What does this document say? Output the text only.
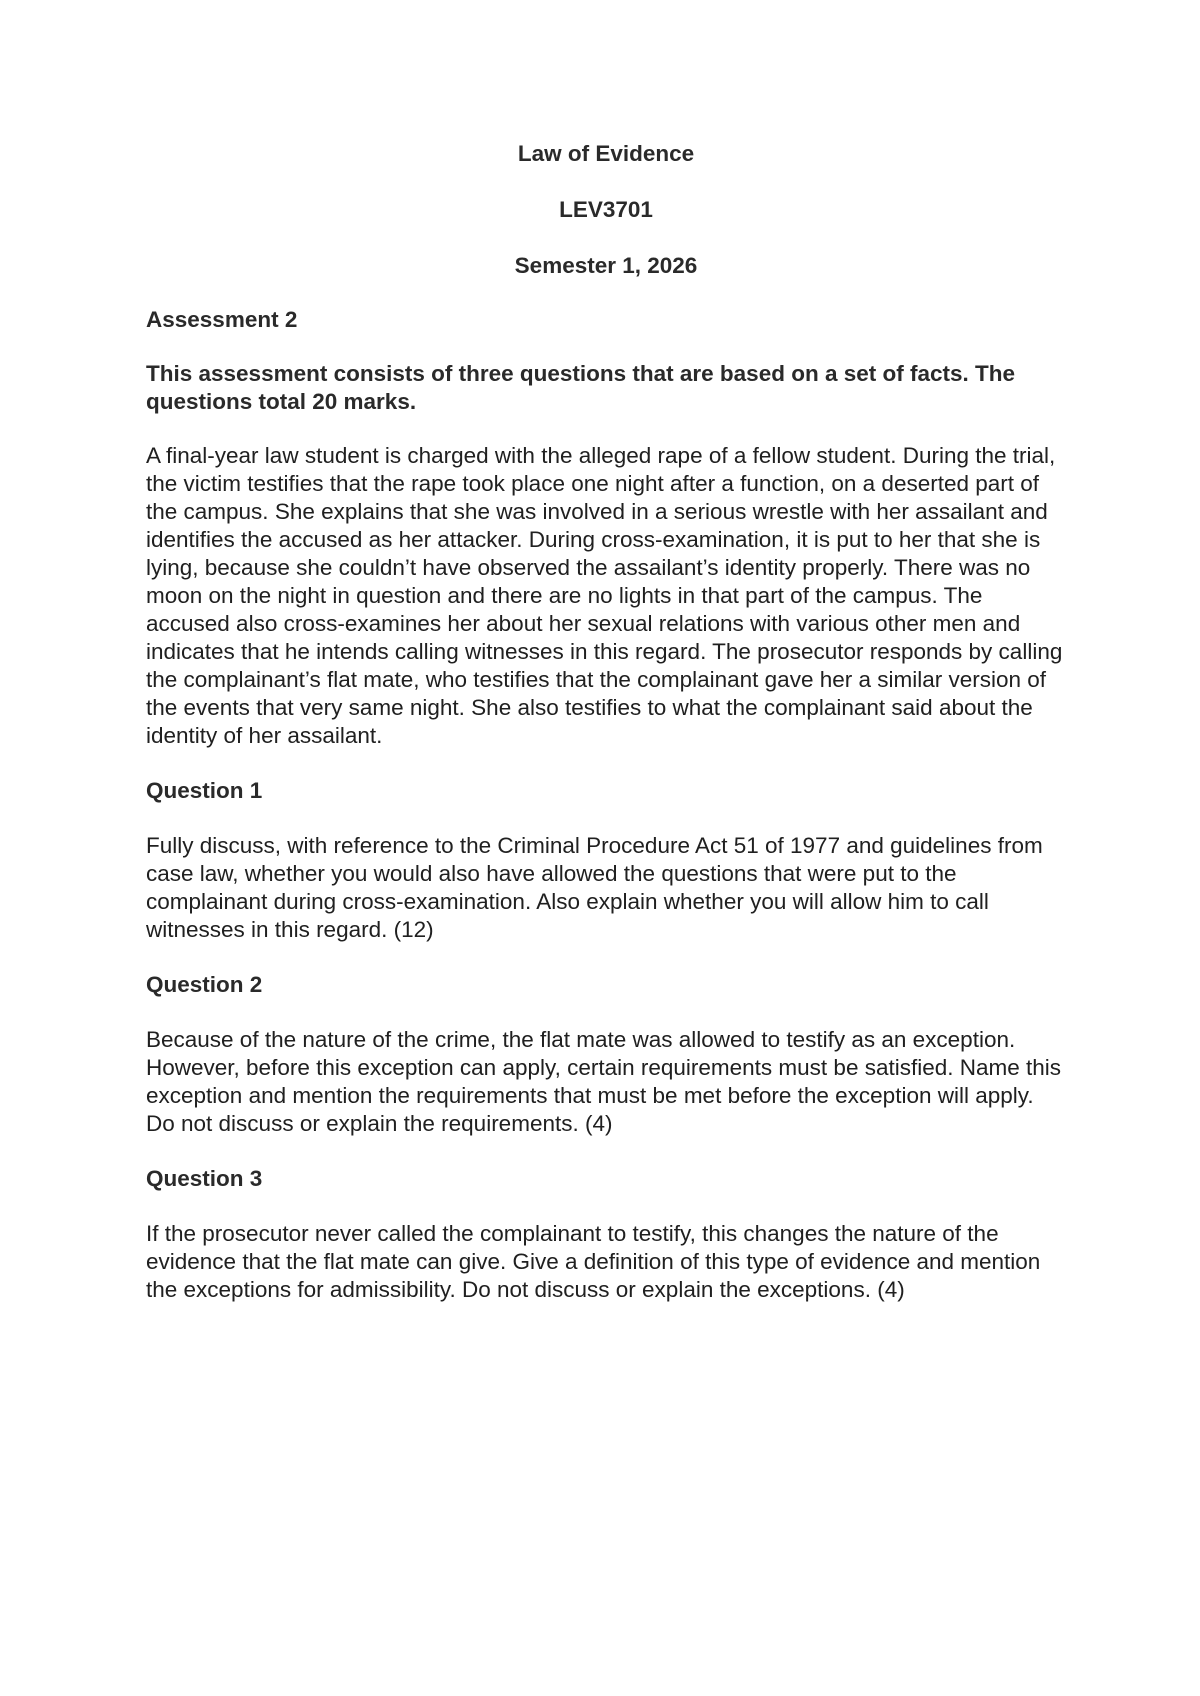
Law of Evidence

LEV3701

Semester 1, 2026

Assessment 2

This assessment consists of three questions that are based on a set of facts. The questions total 20 marks.

A final-year law student is charged with the alleged rape of a fellow student. During the trial, the victim testifies that the rape took place one night after a function, on a deserted part of the campus. She explains that she was involved in a serious wrestle with her assailant and identifies the accused as her attacker. During cross-examination, it is put to her that she is lying, because she couldn’t have observed the assailant’s identity properly. There was no moon on the night in question and there are no lights in that part of the campus. The accused also cross-examines her about her sexual relations with various other men and indicates that he intends calling witnesses in this regard. The prosecutor responds by calling the complainant’s flat mate, who testifies that the complainant gave her a similar version of the events that very same night. She also testifies to what the complainant said about the identity of her assailant.

Question 1

Fully discuss, with reference to the Criminal Procedure Act 51 of 1977 and guidelines from case law, whether you would also have allowed the questions that were put to the complainant during cross-examination. Also explain whether you will allow him to call witnesses in this regard. (12)

Question 2

Because of the nature of the crime, the flat mate was allowed to testify as an exception. However, before this exception can apply, certain requirements must be satisfied. Name this exception and mention the requirements that must be met before the exception will apply. Do not discuss or explain the requirements. (4)

Question 3

If the prosecutor never called the complainant to testify, this changes the nature of the evidence that the flat mate can give. Give a definition of this type of evidence and mention the exceptions for admissibility. Do not discuss or explain the exceptions. (4)
